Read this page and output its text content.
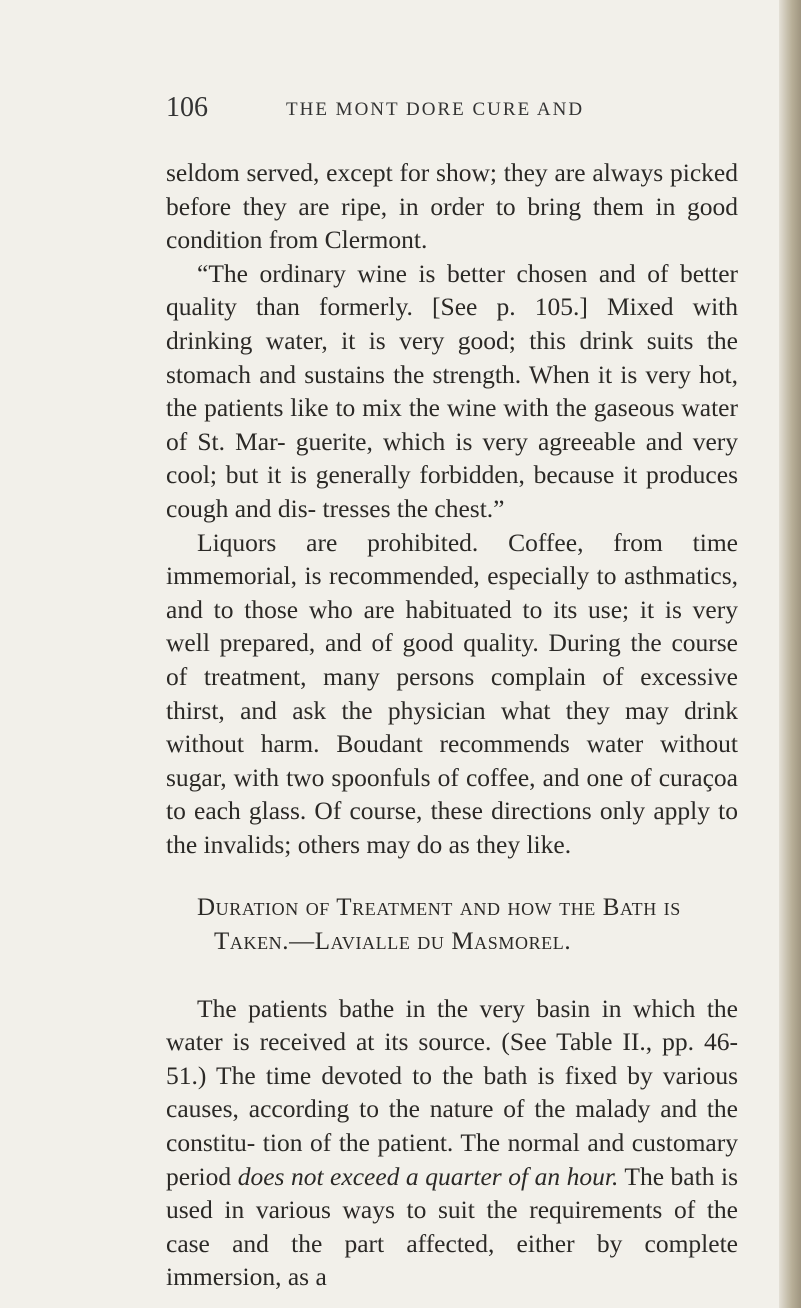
106	THE MONT DORE CURE AND

seldom served, except for show; they are always picked before they are ripe, in order to bring them in good condition from Clermont.

“The ordinary wine is better chosen and of better quality than formerly. [See p. 105.] Mixed with drinking water, it is very good; this drink suits the stomach and sustains the strength. When it is very hot, the patients like to mix the wine with the gaseous water of St. Mar- guerite, which is very agreeable and very cool; but it is generally forbidden, because it produces cough and dis- tresses the chest.”

Liquors are prohibited. Coffee, from time immemorial, is recommended, especially to asthmatics, and to those who are habituated to its use; it is very well prepared, and of good quality. During the course of treatment, many persons complain of excessive thirst, and ask the physician what they may drink without harm. Boudant recommends water without sugar, with two spoonfuls of coffee, and one of curaçoa to each glass. Of course, these directions only apply to the invalids; others may do as they like.

Duration of Treatment and how the Bath is Taken.—Lavialle du Masmorel.

The patients bathe in the very basin in which the water is received at its source. (See Table II., pp. 46-51.) The time devoted to the bath is fixed by various causes, according to the nature of the malady and the constitu- tion of the patient. The normal and customary period does not exceed a quarter of an hour. The bath is used in various ways to suit the requirements of the case and the part affected, either by complete immersion, as a
